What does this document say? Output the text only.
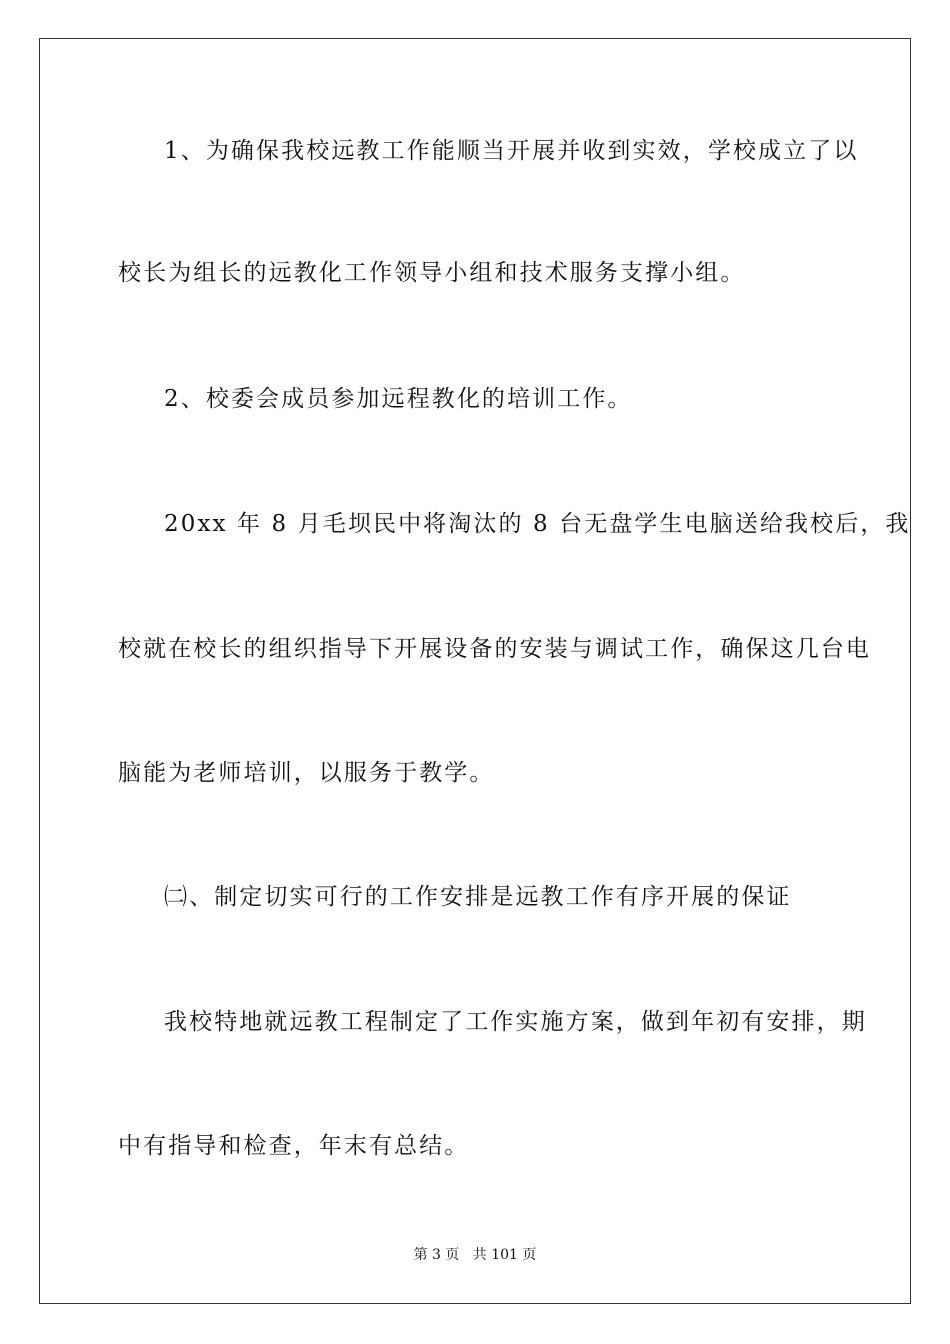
1、为确保我校远教工作能顺当开展并收到实效，学校成立了以
校长为组长的远教化工作领导小组和技术服务支撑小组。
2、校委会成员参加远程教化的培训工作。
20xx 年 8 月毛坝民中将淘汰的 8 台无盘学生电脑送给我校后，我
校就在校长的组织指导下开展设备的安装与调试工作，确保这几台电
脑能为老师培训，以服务于教学。
㈡、制定切实可行的工作安排是远教工作有序开展的保证
我校特地就远教工程制定了工作实施方案，做到年初有安排，期
中有指导和检查，年末有总结。
第 3 页   共 101 页
